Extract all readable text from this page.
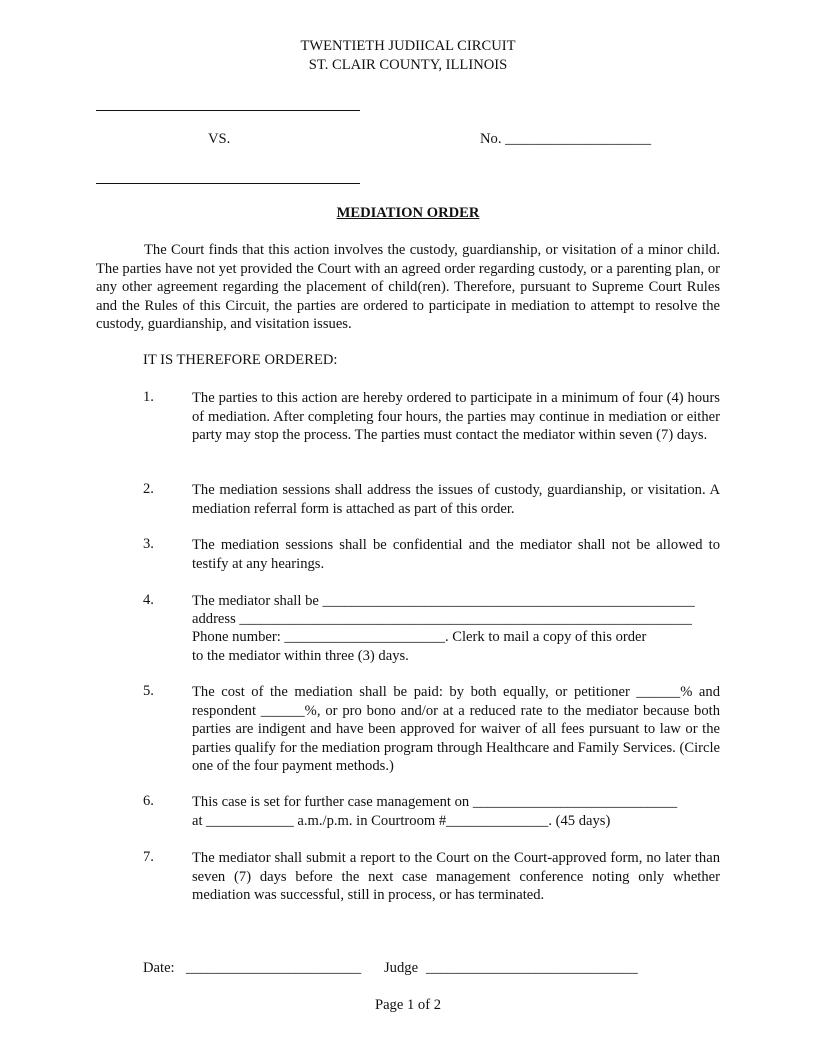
TWENTIETH JUDIICAL CIRCUIT
ST. CLAIR COUNTY, ILLINOIS
VS.	No. ____________________
MEDIATION ORDER

The Court finds that this action involves the custody, guardianship, or visitation of a minor child. The parties have not yet provided the Court with an agreed order regarding custody, or a parenting plan, or any other agreement regarding the placement of child(ren). Therefore, pursuant to Supreme Court Rules and the Rules of this Circuit, the parties are ordered to participate in mediation to attempt to resolve the custody, guardianship, and visitation issues.

IT IS THEREFORE ORDERED:
1.	The parties to this action are hereby ordered to participate in a minimum of four (4) hours of mediation. After completing four hours, the parties may continue in mediation or either party may stop the process. The parties must contact the mediator within seven (7) days.

2.	The mediation sessions shall address the issues of custody, guardianship, or visitation. A mediation referral form is attached as part of this order.

3.	The mediation sessions shall be confidential and the mediator shall not be allowed to testify at any hearings.

4.	The mediator shall be ___________________________________________________
address ______________________________________________________________
Phone number: ______________________. Clerk to mail a copy of this order
to the mediator within three (3) days.
5.	The cost of the mediation shall be paid: by both equally, or petitioner ______% and respondent ______%, or pro bono and/or at a reduced rate to the mediator because both parties are indigent and have been approved for waiver of all fees pursuant to law or the parties qualify for the mediation program through Healthcare and Family Services. (Circle one of the four payment methods.)

6.	This case is set for further case management on ____________________________
at ____________ a.m./p.m. in Courtroom #______________. (45 days)
7.	The mediator shall submit a report to the Court on the Court-approved form, no later than seven (7) days before the next case management conference noting only whether mediation was successful, still in process, or has terminated.

Date: ________________________ Judge _____________________________
Page 1 of 2
